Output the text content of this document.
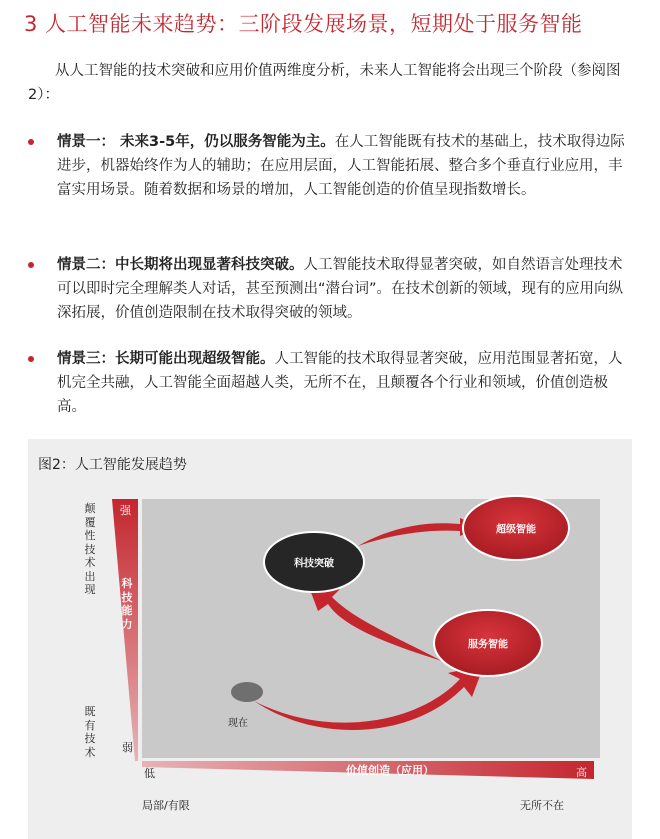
3 人工智能未来趋势：三阶段发展场景，短期处于服务智能
从人工智能的技术突破和应用价值两维度分析，未来人工智能将会出现三个阶段（参阅图2）：
情景一： 未来3-5年，仍以服务智能为主。在人工智能既有技术的基础上，技术取得边际进步，机器始终作为人的辅助；在应用层面，人工智能拓展、整合多个垂直行业应用，丰富实用场景。随着数据和场景的增加，人工智能创造的价值呈现指数增长。
情景二：中长期将出现显著科技突破。人工智能技术取得显著突破，如自然语言处理技术可以即时完全理解类人对话，甚至预测出“潜台词”。在技术创新的领域，现有的应用向纵深拓展，价值创造限制在技术取得突破的领域。
情景三：长期可能出现超级智能。人工智能的技术取得显著突破，应用范围显著拓宽，人机完全共融，人工智能全面超越人类，无所不在，且颠覆各个行业和领域，价值创造极高。
图2：人工智能发展趋势
颠覆性技术出现
既有技术
科技能力
强
弱
低	价值创造（应用）	高
局部/有限	无所不在
科技突破
超级智能
服务智能
现在
